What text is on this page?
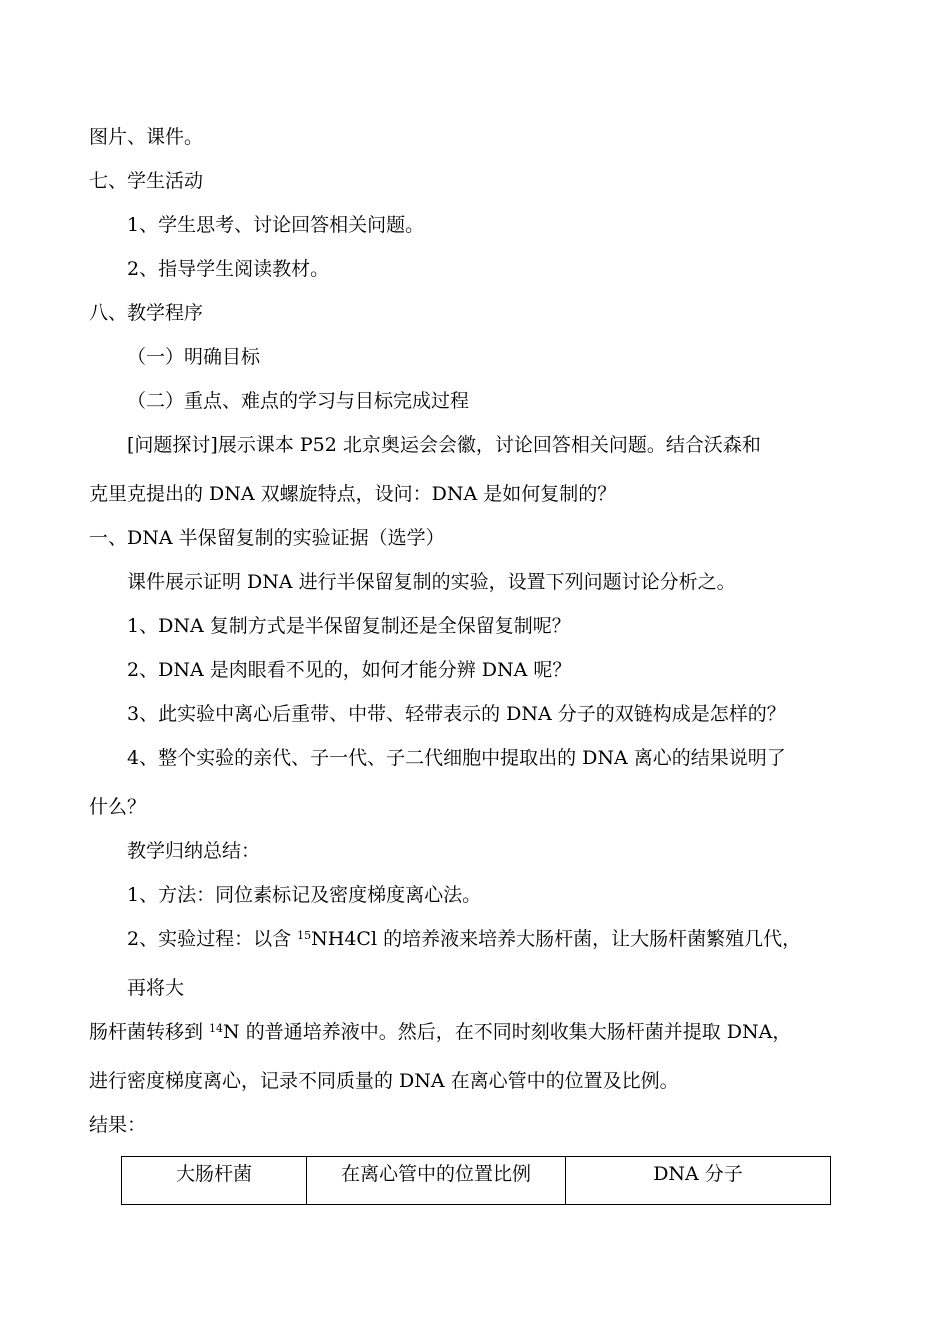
图片、课件。
七、学生活动
1、学生思考、讨论回答相关问题。
2、指导学生阅读教材。
八、教学程序
（一）明确目标
（二）重点、难点的学习与目标完成过程
[问题探讨]展示课本 P52 北京奥运会会徽，讨论回答相关问题。结合沃森和
克里克提出的 DNA 双螺旋特点，设问：DNA 是如何复制的？
一、DNA 半保留复制的实验证据（选学）
课件展示证明 DNA 进行半保留复制的实验，设置下列问题讨论分析之。
1、DNA 复制方式是半保留复制还是全保留复制呢？
2、DNA 是肉眼看不见的，如何才能分辨 DNA 呢？
3、此实验中离心后重带、中带、轻带表示的 DNA 分子的双链构成是怎样的？
4、整个实验的亲代、子一代、子二代细胞中提取出的 DNA 离心的结果说明了
什么？
教学归纳总结：
1、方法：同位素标记及密度梯度离心法。
2、实验过程：以含 $^{15}$NH4Cl 的培养液来培养大肠杆菌，让大肠杆菌繁殖几代，
再将大
肠杆菌转移到 $^{14}$N 的普通培养液中。然后，在不同时刻收集大肠杆菌并提取 DNA，
进行密度梯度离心，记录不同质量的 DNA 在离心管中的位置及比例。
结果：
大肠杆菌	在离心管中的位置比例	DNA 分子
